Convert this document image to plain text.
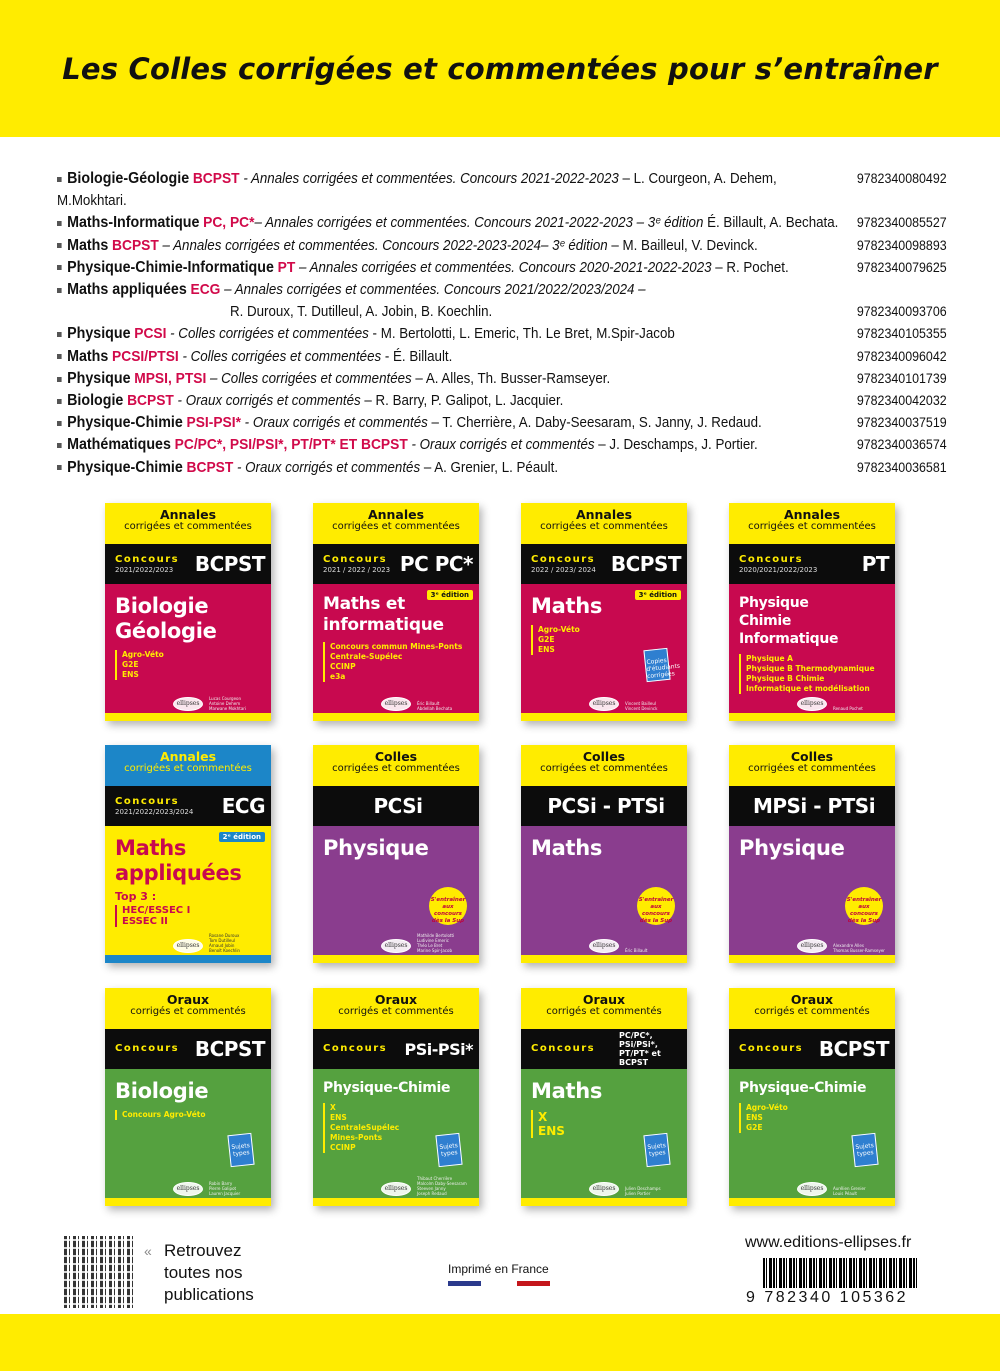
Les Colles corrigées et commentées pour s’entraîner
Biologie-Géologie BCPST - Annales corrigées et commentées. Concours 2021-2022-2023 – L. Courgeon, A. Dehem, M.Mokhtari.
9782340080492
Maths-Informatique PC, PC*– Annales corrigées et commentées. Concours 2021-2022-2023 – 3ᵉ édition É. Billault, A. Bechata.	9782340085527
Maths BCPST – Annales corrigées et commentées. Concours 2022-2023-2024– 3ᵉ édition – M. Bailleul, V. Devinck.	9782340098893
Physique-Chimie-Informatique PT – Annales corrigées et commentées. Concours 2020-2021-2022-2023 – R. Pochet.	9782340079625
Maths appliquées ECG – Annales corrigées et commentées. Concours 2021/2022/2023/2024 –
R. Duroux, T. Dutilleul, A. Jobin, B. Koechlin.	9782340093706
Physique PCSI - Colles corrigées et commentées - M. Bertolotti, L. Emeric, Th. Le Bret, M.Spir-Jacob	9782340105355
Maths PCSI/PTSI - Colles corrigées et commentées - É. Billault.	9782340096042
Physique MPSI, PTSI – Colles corrigées et commentées – A. Alles, Th. Busser-Ramseyer.	9782340101739
Biologie BCPST - Oraux corrigés et commentés – R. Barry, P. Galipot, L. Jacquier.	9782340042032
Physique-Chimie PSI-PSI* - Oraux corrigés et commentés – T. Cherrière, A. Daby-Seesaram, S. Janny, J. Redaud.	9782340037519
Mathématiques PC/PC*, PSI/PSI*, PT/PT* ET BCPST - Oraux corrigés et commentés – J. Deschamps, J. Portier.	9782340036574
Physique-Chimie BCPST - Oraux corrigés et commentés – A. Grenier, L. Péault.	9782340036581
Annales
corrigées et commentées
Concours
2021/2022/2023 BCPST
Biologie
Géologie
Agro-Véto
G2E
ENS
ellipses
Lucas Courgeon
Antoine Dehem
Marwane Mokhtari
Annales
corrigées et commentées
Concours
2021 / 2022 / 2023 PC PC*
Maths et
informatique
3ᵉ édition
Concours commun Mines-Ponts
Centrale-Supélec
CCINP
e3a
ellipses	Éric Billault
Abdellah Bechata
Annales
corrigées et commentées
Concours
2022 / 2023/ 2024 BCPST
Maths	3ᵉ édition
Agro-Véto
G2E
ENS
Copies d'étudiants corrigées
ellipses	Vincent Bailleul
Vincent Devinck
Annales
corrigées et commentées
Concours
2020/2021/2022/2023 PT
Physique
Chimie
Informatique
Physique A
Physique B Thermodynamique
Physique B Chimie
Informatique et modélisation
ellipses
Renaud Pochet
Annales
corrigées et commentées
Concours
2021/2022/2023/2024 ECG
Maths
appliquées
2ᵉ édition
Top 3 :
HEC/ESSEC I
ESSEC II
ellipses
Rosane Duroux
Tom Dutilleul
Arnaud Jobin
Benoît Koechlin
Colles
corrigées et commentées
PCSi
Physique
S'entraîner aux concours dès la Sup
ellipses
Mathilde Bertolotti
Ludivine Emeric
Théo Le Bret
Marine Spir-Jacob
Colles
corrigées et commentées
PCSi - PTSi
Maths
S'entraîner aux concours dès la Sup
ellipses
Éric Billault
Colles
corrigées et commentées
MPSi - PTSi
Physique
S'entraîner aux concours dès la Sup
ellipses	Alexandre Alles
Thomas Busser-Ramseyer
Oraux
corrigés et commentés
Concours BCPST
Biologie
Concours Agro-Véto
Sujets types
ellipses
Robin Barry
Pierre Galipot
Lauren Jacquier
Oraux
corrigés et commentés
Concours PSi-PSi*
Physique-Chimie
X
ENS
CentraleSupélec
Mines-Ponts
CCINP	Sujets types
ellipses
Thibaut Cherrière
Malcolm Daby-Seesaram
Steeven Janny
Joseph Redaud
Oraux
corrigés et commentés
Concours
PC/PC*, PSi/PSi*, PT/PT* et BCPST
Maths
X
ENS
Sujets types
ellipses	Julien Deschamps
Julien Portier
Oraux
corrigés et commentés
Concours BCPST
Physique-Chimie
Agro-Véto
ENS
G2E
Sujets types
ellipses	Aurélien Grenier
Louis Péault
« Retrouvez
toutes nos
publications
Imprimé en France
www.editions-ellipses.fr
9 782340 105362
